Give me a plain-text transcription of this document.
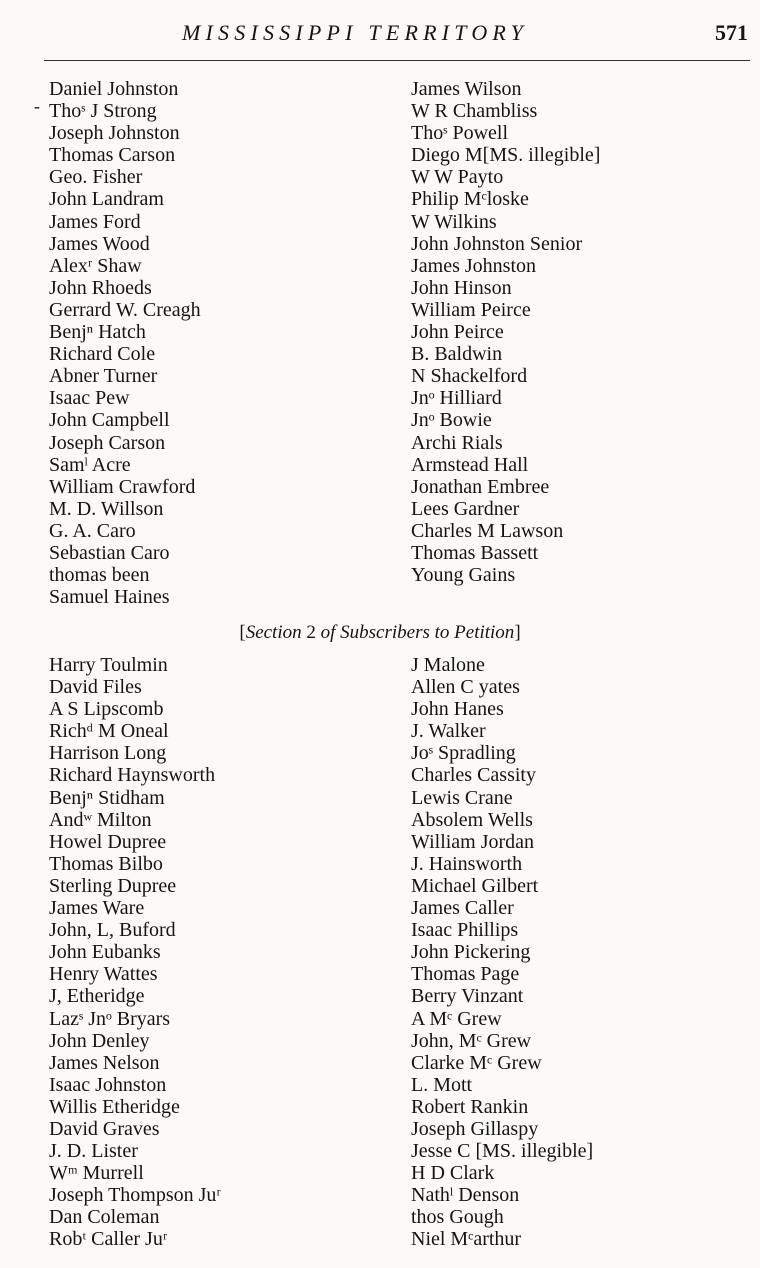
MISSISSIPPI TERRITORY	571
-
Daniel Johnston
Thoˢ J Strong
Joseph Johnston
Thomas Carson
Geo. Fisher
John Landram
James Ford
James Wood
Alexʳ Shaw
John Rhoeds
Gerrard W. Creagh
Benjⁿ Hatch
Richard Cole
Abner Turner
Isaac Pew
John Campbell
Joseph Carson
Samˡ Acre
William Crawford
M. D. Willson
G. A. Caro
Sebastian Caro
thomas been
Samuel Haines
James Wilson
W R Chambliss
Thoˢ Powell
Diego M[MS. illegible]
W W Payto
Philip Mᶜloske
W Wilkins
John Johnston Senior
James Johnston
John Hinson
William Peirce
John Peirce
B. Baldwin
N Shackelford
Jnᵒ Hilliard
Jnᵒ Bowie
Archi Rials
Armstead Hall
Jonathan Embree
Lees Gardner
Charles M Lawson
Thomas Bassett
Young Gains
[Section 2 of Subscribers to Petition]
Harry Toulmin
David Files
A S Lipscomb
Richᵈ M Oneal
Harrison Long
Richard Haynsworth
Benjⁿ Stidham
Andʷ Milton
Howel Dupree
Thomas Bilbo
Sterling Dupree
James Ware
John, L, Buford
John Eubanks
Henry Wattes
J, Etheridge
Lazˢ Jnᵒ Bryars
John Denley
James Nelson
Isaac Johnston
Willis Etheridge
David Graves
J. D. Lister
Wᵐ Murrell
Joseph Thompson Juʳ
Dan Coleman
Robᵗ Caller Juʳ
J Malone
Allen C yates
John Hanes
J. Walker
Joˢ Spradling
Charles Cassity
Lewis Crane
Absolem Wells
William Jordan
J. Hainsworth
Michael Gilbert
James Caller
Isaac Phillips
John Pickering
Thomas Page
Berry Vinzant
A Mᶜ Grew
John, Mᶜ Grew
Clarke Mᶜ Grew
L. Mott
Robert Rankin
Joseph Gillaspy
Jesse C [MS. illegible]
H D Clark
Nathˡ Denson
thos Gough
Niel Mᶜarthur
